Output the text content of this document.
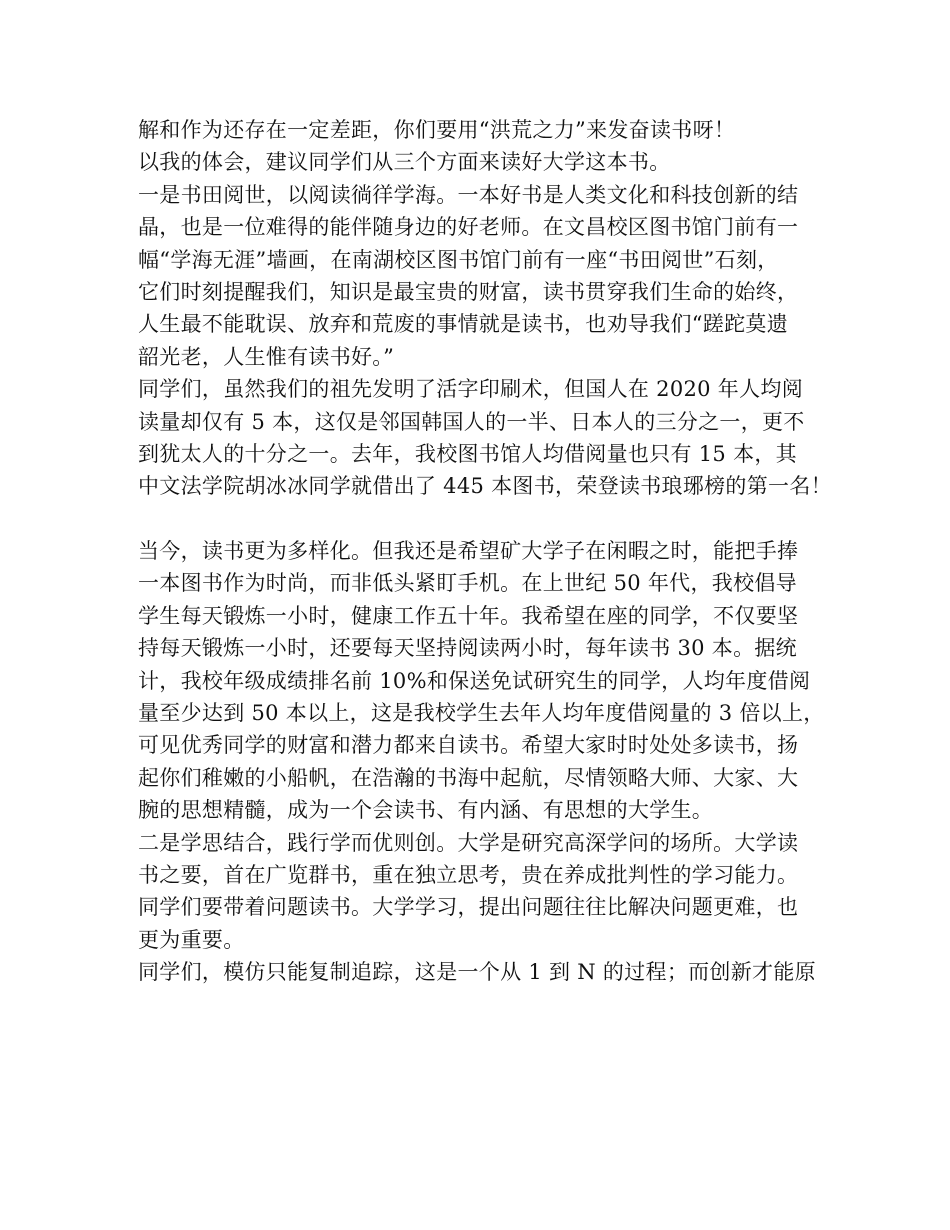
解和作为还存在一定差距，你们要用“洪荒之力”来发奋读书呀！
以我的体会，建议同学们从三个方面来读好大学这本书。
一是书田阅世，以阅读徜徉学海。一本好书是人类文化和科技创新的结
晶，也是一位难得的能伴随身边的好老师。在文昌校区图书馆门前有一
幅“学海无涯”墙画，在南湖校区图书馆门前有一座“书田阅世”石刻，
它们时刻提醒我们，知识是最宝贵的财富，读书贯穿我们生命的始终，
人生最不能耽误、放弃和荒废的事情就是读书，也劝导我们“蹉跎莫遗
韶光老，人生惟有读书好。”
同学们，虽然我们的祖先发明了活字印刷术，但国人在 2020 年人均阅
读量却仅有 5 本，这仅是邻国韩国人的一半、日本人的三分之一，更不
到犹太人的十分之一。去年，我校图书馆人均借阅量也只有 15 本，其
中文法学院胡冰冰同学就借出了 445 本图书，荣登读书琅琊榜的第一名！
当今，读书更为多样化。但我还是希望矿大学子在闲暇之时，能把手捧
一本图书作为时尚，而非低头紧盯手机。在上世纪 50 年代，我校倡导
学生每天锻炼一小时，健康工作五十年。我希望在座的同学，不仅要坚
持每天锻炼一小时，还要每天坚持阅读两小时，每年读书 30 本。据统
计，我校年级成绩排名前 10%和保送免试研究生的同学，人均年度借阅
量至少达到 50 本以上，这是我校学生去年人均年度借阅量的 3 倍以上，
可见优秀同学的财富和潜力都来自读书。希望大家时时处处多读书，扬
起你们稚嫩的小船帆，在浩瀚的书海中起航，尽情领略大师、大家、大
腕的思想精髓，成为一个会读书、有内涵、有思想的大学生。
二是学思结合，践行学而优则创。大学是研究高深学问的场所。大学读
书之要，首在广览群书，重在独立思考，贵在养成批判性的学习能力。
同学们要带着问题读书。大学学习，提出问题往往比解决问题更难，也
更为重要。
同学们，模仿只能复制追踪，这是一个从 1 到 N 的过程；而创新才能原
